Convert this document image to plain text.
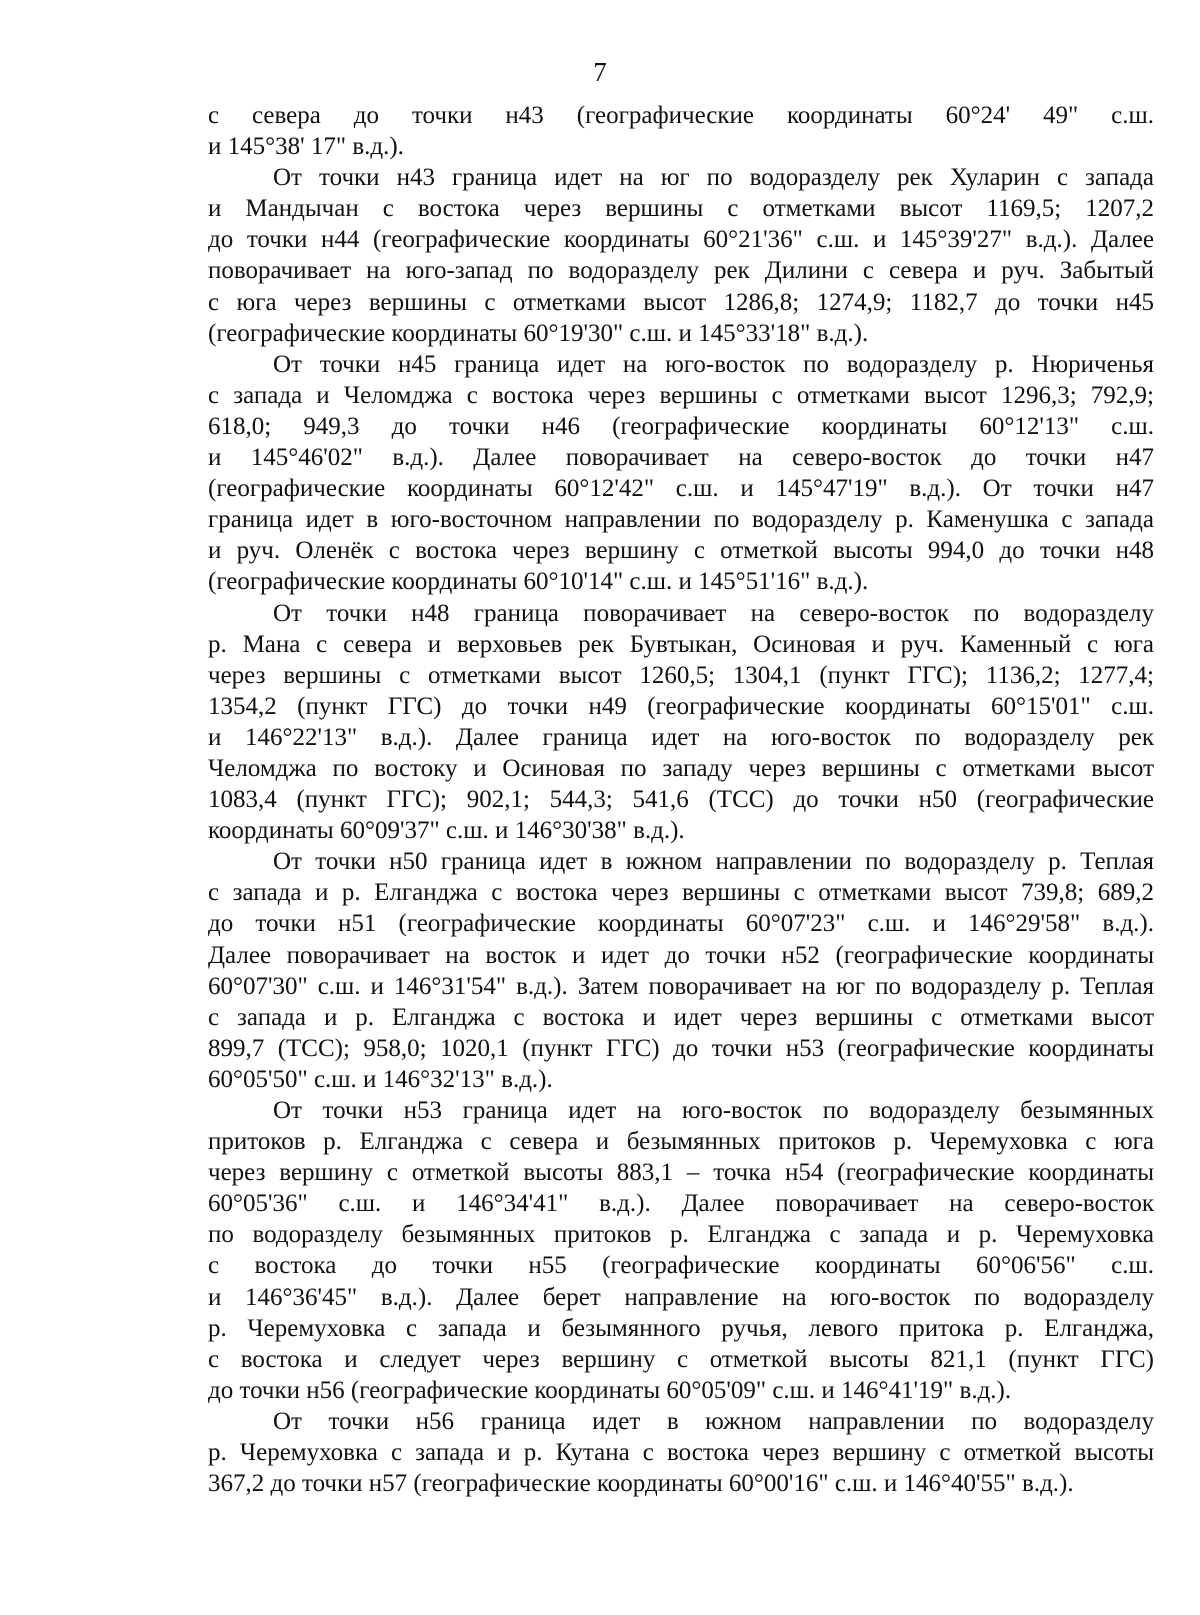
7
с севера до точки н43 (географические координаты 60°24' 49" с.ш.
и 145°38' 17" в.д.).
От точки н43 граница идет на юг по водоразделу рек Хуларин с запада
и Мандычан с востока через вершины с отметками высот 1169,5; 1207,2
до точки н44 (географические координаты 60°21'36" с.ш. и 145°39'27" в.д.). Далее
поворачивает на юго-запад по водоразделу рек Дилини с севера и руч. Забытый
с юга через вершины с отметками высот 1286,8; 1274,9; 1182,7 до точки н45
(географические координаты 60°19'30" с.ш. и 145°33'18" в.д.).
От точки н45 граница идет на юго-восток по водоразделу р. Нюриченья
с запада и Челомджа с востока через вершины с отметками высот 1296,3; 792,9;
618,0; 949,3 до точки н46 (географические координаты 60°12'13" с.ш.
и 145°46'02" в.д.). Далее поворачивает на северо-восток до точки н47
(географические координаты 60°12'42" с.ш. и 145°47'19" в.д.). От точки н47
граница идет в юго-восточном направлении по водоразделу р. Каменушка с запада
и руч. Оленёк с востока через вершину с отметкой высоты 994,0 до точки н48
(географические координаты 60°10'14" с.ш. и 145°51'16" в.д.).
От точки н48 граница поворачивает на северо-восток по водоразделу
р. Мана с севера и верховьев рек Бувтыкан, Осиновая и руч. Каменный с юга
через вершины с отметками высот 1260,5; 1304,1 (пункт ГГС); 1136,2; 1277,4;
1354,2 (пункт ГГС) до точки н49 (географические координаты 60°15'01" с.ш.
и 146°22'13" в.д.). Далее граница идет на юго-восток по водоразделу рек
Челомджа по востоку и Осиновая по западу через вершины с отметками высот
1083,4 (пункт ГГС); 902,1; 544,3; 541,6 (ТСС) до точки н50 (географические
координаты 60°09'37" с.ш. и 146°30'38" в.д.).
От точки н50 граница идет в южном направлении по водоразделу р. Теплая
с запада и р. Елганджа с востока через вершины с отметками высот 739,8; 689,2
до точки н51 (географические координаты 60°07'23" с.ш. и 146°29'58" в.д.).
Далее поворачивает на восток и идет до точки н52 (географические координаты
60°07'30" с.ш. и 146°31'54" в.д.). Затем поворачивает на юг по водоразделу р. Теплая
с запада и р. Елганджа с востока и идет через вершины с отметками высот
899,7 (ТСС); 958,0; 1020,1 (пункт ГГС) до точки н53 (географические координаты
60°05'50" с.ш. и 146°32'13" в.д.).
От точки н53 граница идет на юго-восток по водоразделу безымянных
притоков р. Елганджа с севера и безымянных притоков р. Черемуховка с юга
через вершину с отметкой высоты 883,1 – точка н54 (географические координаты
60°05'36" с.ш. и 146°34'41" в.д.). Далее поворачивает на северо-восток
по водоразделу безымянных притоков р. Елганджа с запада и р. Черемуховка
с востока до точки н55 (географические координаты 60°06'56" с.ш.
и 146°36'45" в.д.). Далее берет направление на юго-восток по водоразделу
р. Черемуховка с запада и безымянного ручья, левого притока р. Елганджа,
с востока и следует через вершину с отметкой высоты 821,1 (пункт ГГС)
до точки н56 (географические координаты 60°05'09" с.ш. и 146°41'19" в.д.).
От точки н56 граница идет в южном направлении по водоразделу
р. Черемуховка с запада и р. Кутана с востока через вершину с отметкой высоты
367,2 до точки н57 (географические координаты 60°00'16" с.ш. и 146°40'55" в.д.).
